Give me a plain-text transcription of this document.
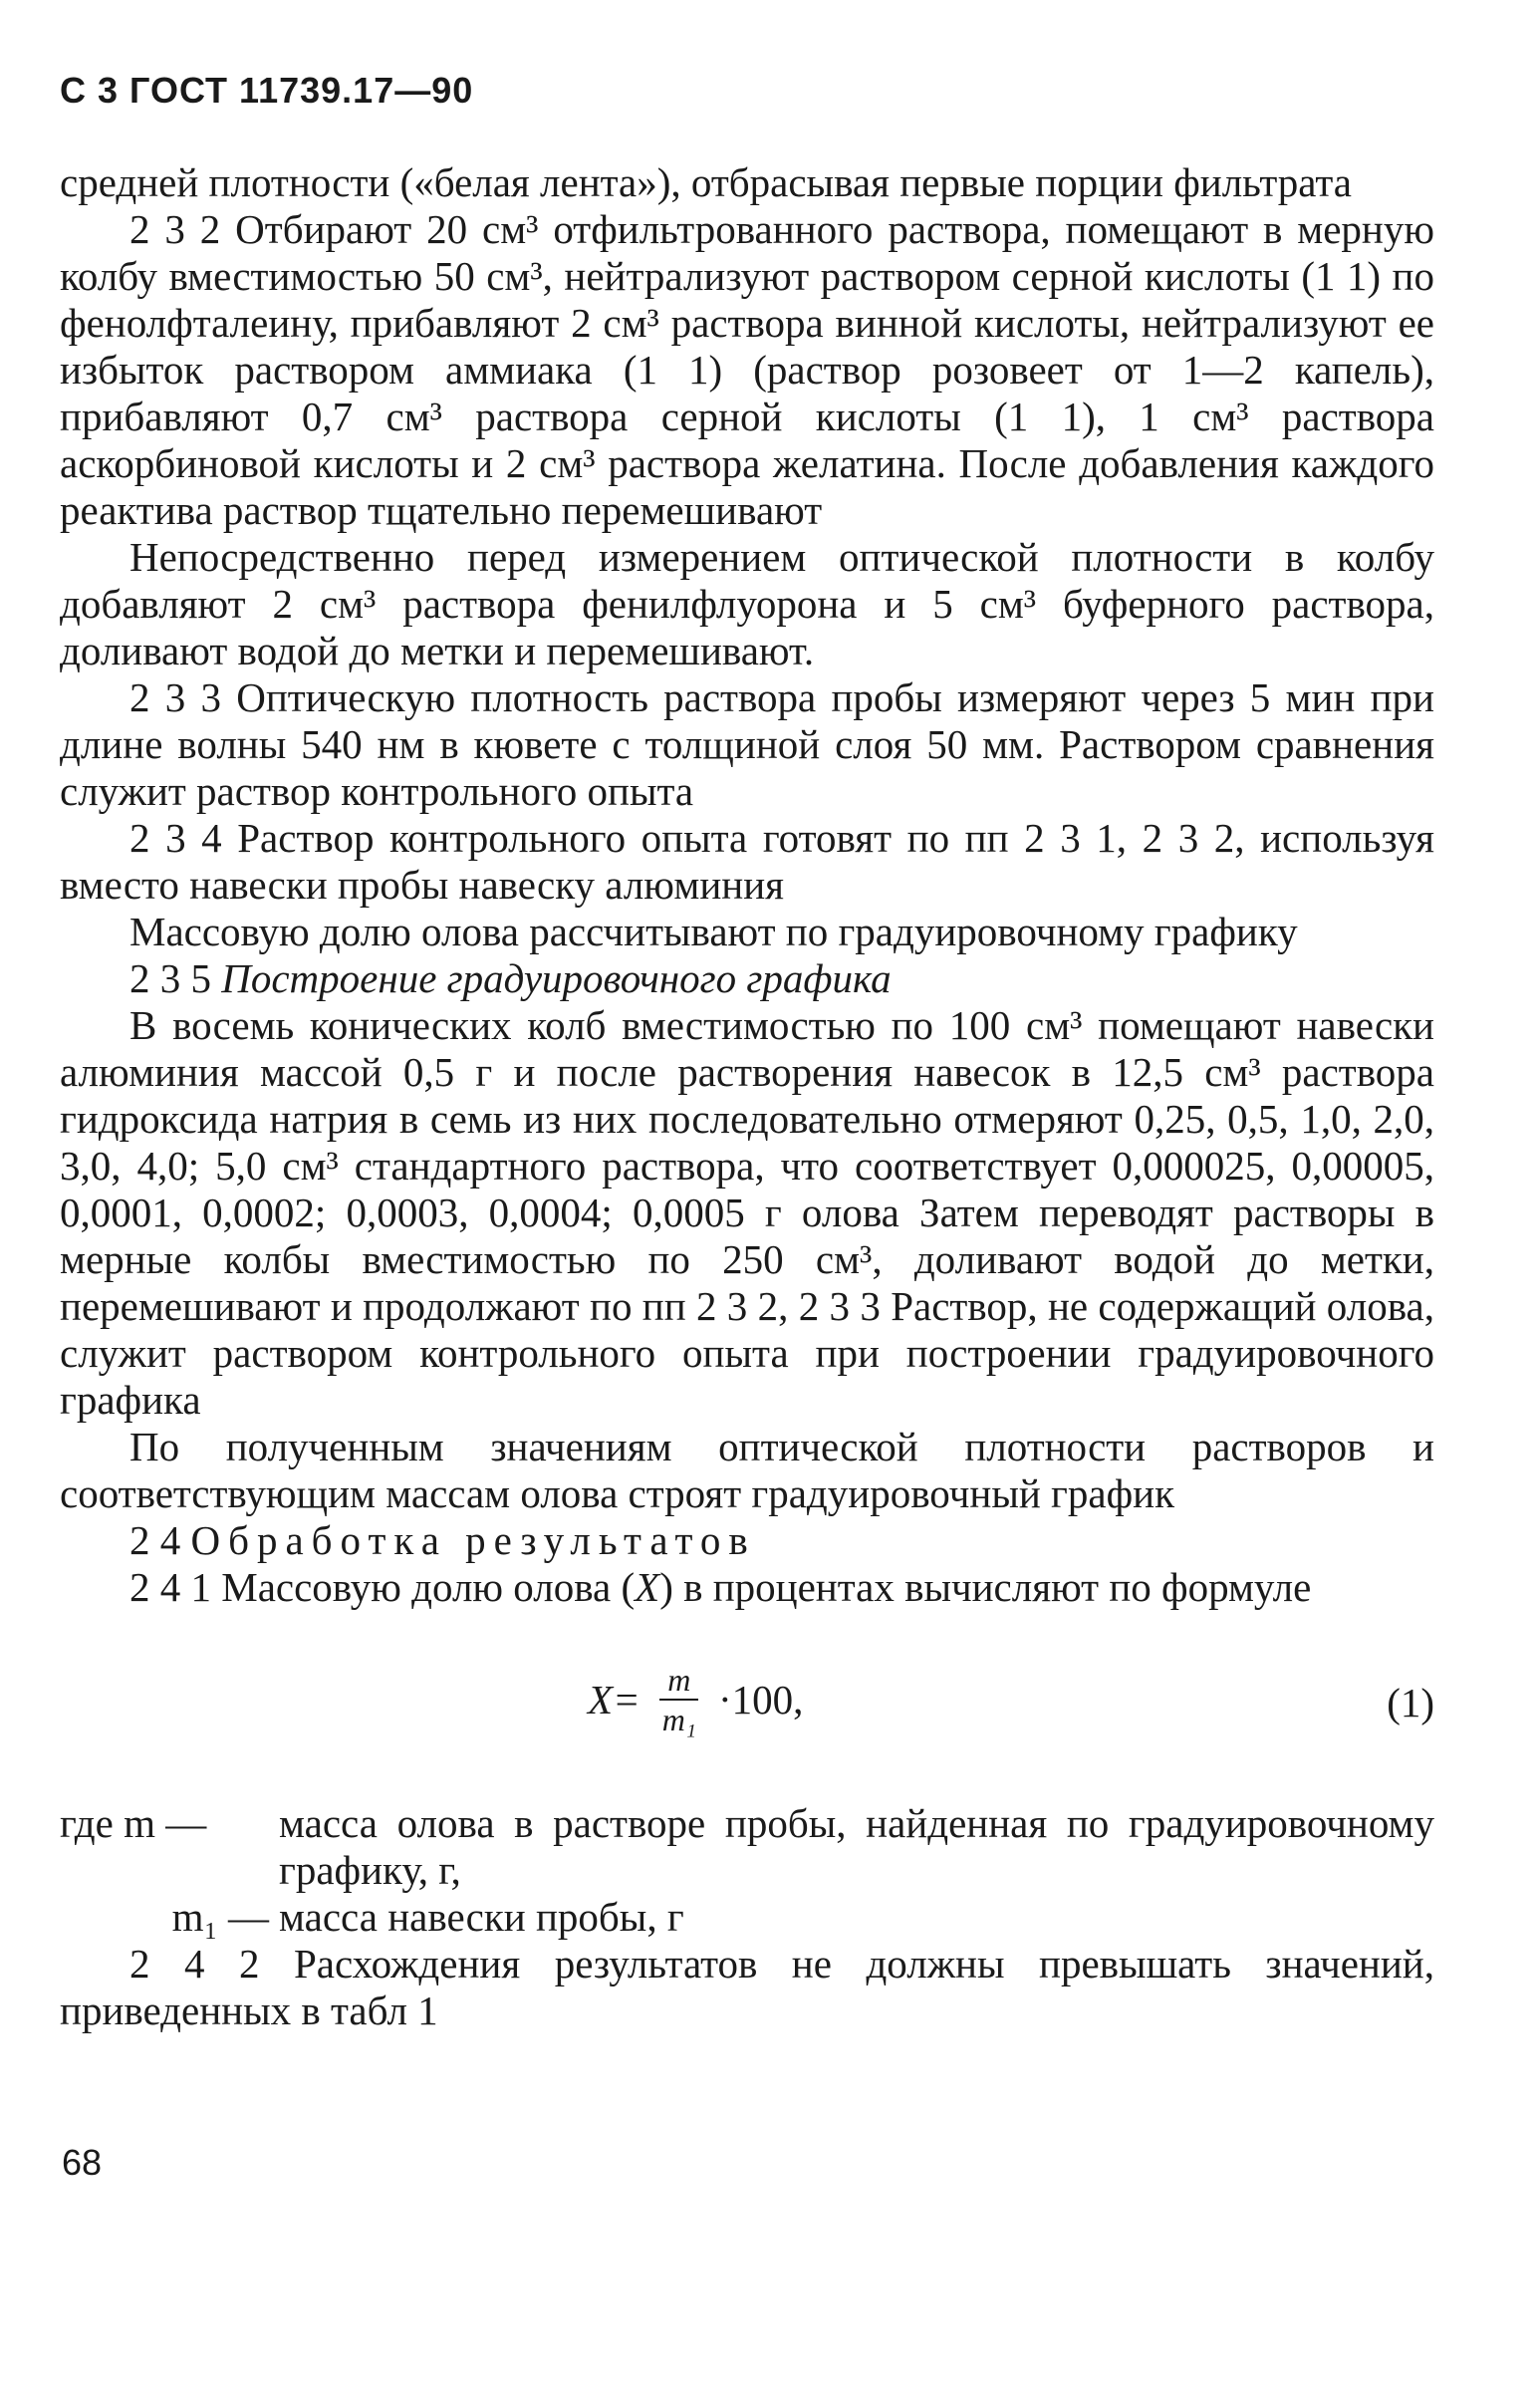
С 3 ГОСТ 11739.17—90

средней плотности («белая лента»), отбрасывая первые порции фильтрата

2 3 2 Отбирают 20 см³ отфильтрованного раствора, помещают в мерную колбу вместимостью 50 см³, нейтрализуют раствором серной кислоты (1 1) по фенолфталеину, прибавляют 2 см³ раствора винной кислоты, нейтрализуют ее избыток раствором аммиака (1 1) (раствор розовеет от 1—2 капель), прибавляют 0,7 см³ раствора серной кислоты (1 1), 1 см³ раствора аскорбиновой кислоты и 2 см³ раствора желатина. После добавления каждого реактива раствор тщательно перемешивают

Непосредственно перед измерением оптической плотности в колбу добавляют 2 см³ раствора фенилфлуорона и 5 см³ буферного раствора, доливают водой до метки и перемешивают.

2 3 3 Оптическую плотность раствора пробы измеряют через 5 мин при длине волны 540 нм в кювете с толщиной слоя 50 мм. Раствором сравнения служит раствор контрольного опыта

2 3 4 Раствор контрольного опыта готовят по пп 2 3 1, 2 3 2, используя вместо навески пробы навеску алюминия

Массовую долю олова рассчитывают по градуировочному графику

2 3 5 Построение градуировочного графика

В восемь конических колб вместимостью по 100 см³ помещают навески алюминия массой 0,5 г и после растворения навесок в 12,5 см³ раствора гидроксида натрия в семь из них последовательно отмеряют 0,25, 0,5, 1,0, 2,0, 3,0, 4,0; 5,0 см³ стандартного раствора, что соответствует 0,000025, 0,00005, 0,0001, 0,0002; 0,0003, 0,0004; 0,0005 г олова Затем переводят растворы в мерные колбы вместимостью по 250 см³, доливают водой до метки, перемешивают и продолжают по пп 2 3 2, 2 3 3 Раствор, не содержащий олова, служит раствором контрольного опыта при построении градуировочного графика

По полученным значениям оптической плотности растворов и соответствующим массам олова строят градуировочный график

2 4 Обработка результатов

2 4 1 Массовую долю олова (X) в процентах вычисляют по формуле

$X= \frac{m}{\text{m₁}} \cdot 100$,	(1)
где m —	масса олова в растворе пробы, найденная по градуировочному графику, г,
m₁ — масса навески пробы, г

2 4 2 Расхождения результатов не должны превышать значений, приведенных в табл 1

68
